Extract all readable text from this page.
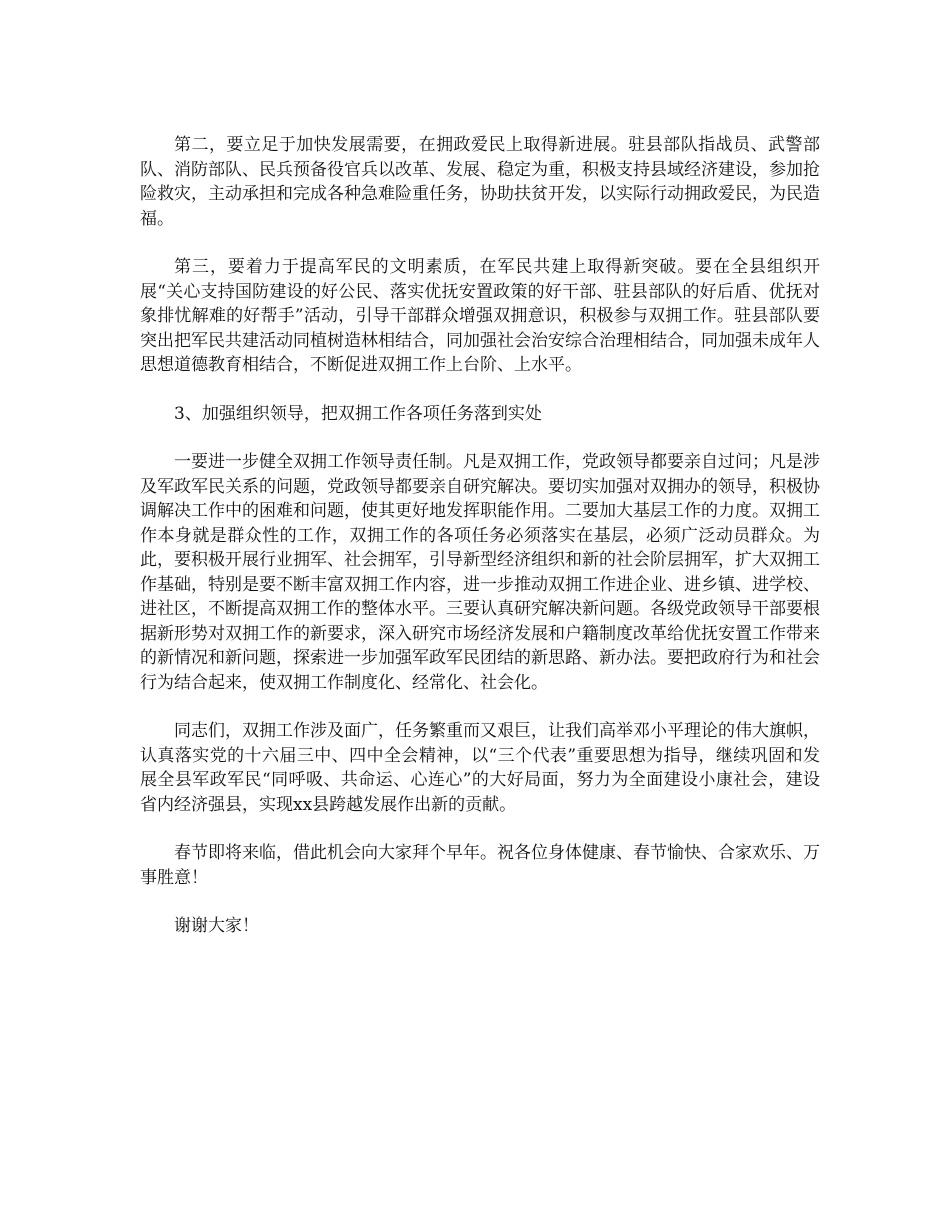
第二，要立足于加快发展需要，在拥政爱民上取得新进展。驻县部队指战员、武警部队、消防部队、民兵预备役官兵以改革、发展、稳定为重，积极支持县域经济建设，参加抢险救灾，主动承担和完成各种急难险重任务，协助扶贫开发，以实际行动拥政爱民，为民造福。

第三，要着力于提高军民的文明素质，在军民共建上取得新突破。要在全县组织开展“关心支持国防建设的好公民、落实优抚安置政策的好干部、驻县部队的好后盾、优抚对象排忧解难的好帮手”活动，引导干部群众增强双拥意识，积极参与双拥工作。驻县部队要突出把军民共建活动同植树造林相结合，同加强社会治安综合治理相结合，同加强未成年人思想道德教育相结合，不断促进双拥工作上台阶、上水平。

3、加强组织领导，把双拥工作各项任务落到实处

一要进一步健全双拥工作领导责任制。凡是双拥工作，党政领导都要亲自过问；凡是涉及军政军民关系的问题，党政领导都要亲自研究解决。要切实加强对双拥办的领导，积极协调解决工作中的困难和问题，使其更好地发挥职能作用。二要加大基层工作的力度。双拥工作本身就是群众性的工作，双拥工作的各项任务必须落实在基层，必须广泛动员群众。为此，要积极开展行业拥军、社会拥军，引导新型经济组织和新的社会阶层拥军，扩大双拥工作基础，特别是要不断丰富双拥工作内容，进一步推动双拥工作进企业、进乡镇、进学校、进社区，不断提高双拥工作的整体水平。三要认真研究解决新问题。各级党政领导干部要根据新形势对双拥工作的新要求，深入研究市场经济发展和户籍制度改革给优抚安置工作带来的新情况和新问题，探索进一步加强军政军民团结的新思路、新办法。要把政府行为和社会行为结合起来，使双拥工作制度化、经常化、社会化。

同志们，双拥工作涉及面广，任务繁重而又艰巨，让我们高举邓小平理论的伟大旗帜，认真落实党的十六届三中、四中全会精神，以“三个代表”重要思想为指导，继续巩固和发展全县军政军民“同呼吸、共命运、心连心”的大好局面，努力为全面建设小康社会，建设省内经济强县，实现xx县跨越发展作出新的贡献。

春节即将来临，借此机会向大家拜个早年。祝各位身体健康、春节愉快、合家欢乐、万事胜意！

谢谢大家！
